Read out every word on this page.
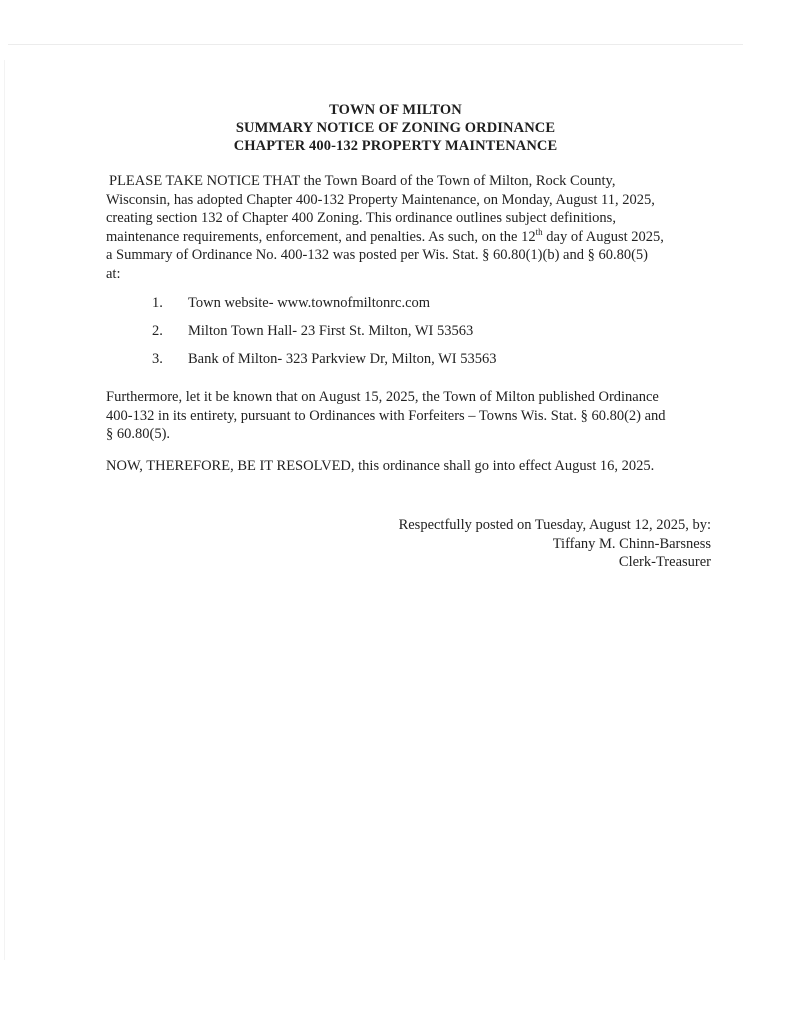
TOWN OF MILTON
SUMMARY NOTICE OF ZONING ORDINANCE
CHAPTER 400-132 PROPERTY MAINTENANCE
PLEASE TAKE NOTICE THAT the Town Board of the Town of Milton, Rock County,
Wisconsin, has adopted Chapter 400-132 Property Maintenance, on Monday, August 11, 2025,
creating section 132 of Chapter 400 Zoning. This ordinance outlines subject definitions,
maintenance requirements, enforcement, and penalties. As such, on the 12th day of August 2025,
a Summary of Ordinance No. 400-132 was posted per Wis. Stat. § 60.80(1)(b) and § 60.80(5)
at:
1.	Town website- www.townofmiltonrc.com
2.	Milton Town Hall- 23 First St. Milton, WI 53563
3.	Bank of Milton- 323 Parkview Dr, Milton, WI 53563
Furthermore, let it be known that on August 15, 2025, the Town of Milton published Ordinance
400-132 in its entirety, pursuant to Ordinances with Forfeiters – Towns Wis. Stat. § 60.80(2) and
§ 60.80(5).
NOW, THEREFORE, BE IT RESOLVED, this ordinance shall go into effect August 16, 2025.
Respectfully posted on Tuesday, August 12, 2025, by:
Tiffany M. Chinn-Barsness
Clerk-Treasurer
